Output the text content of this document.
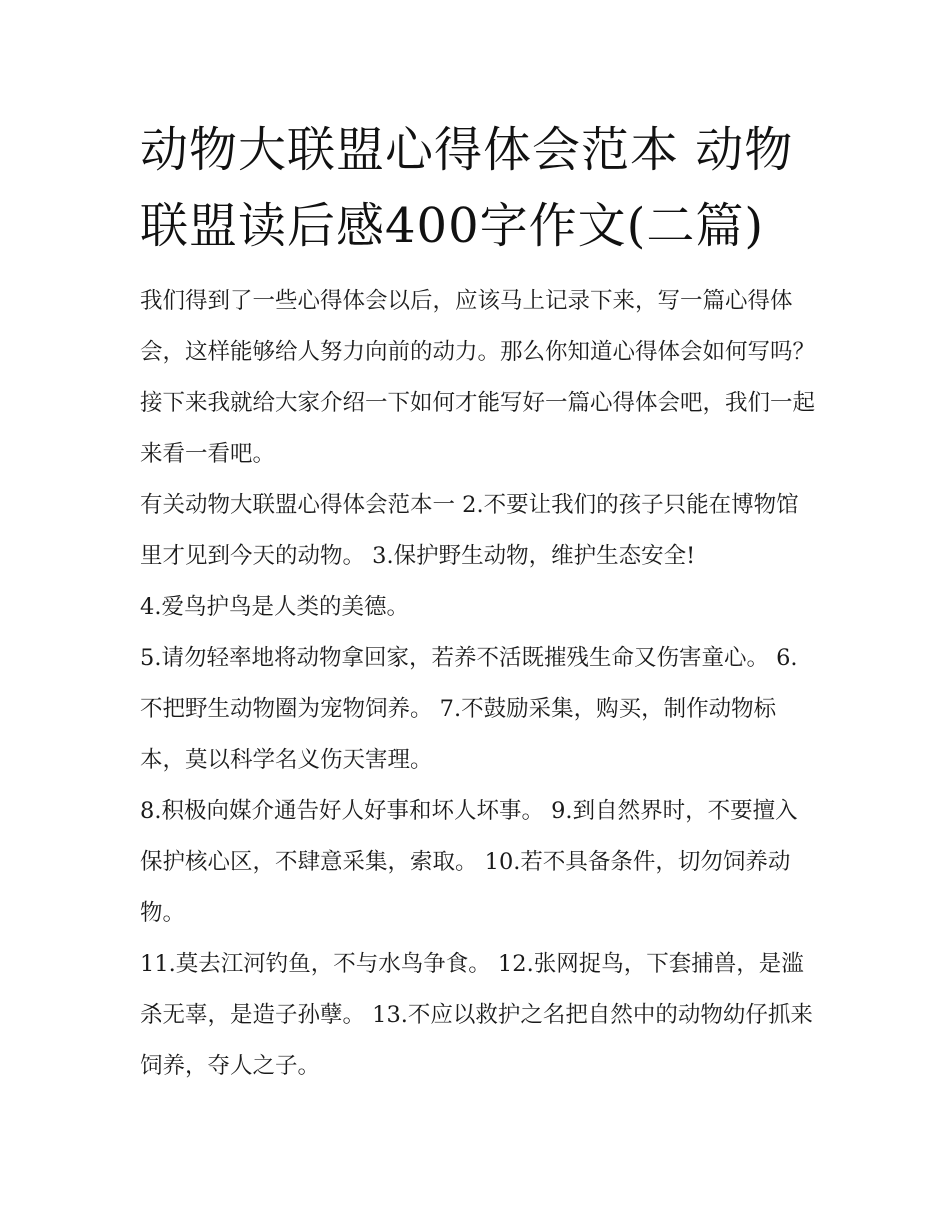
动物大联盟心得体会范本 动物联盟读后感400字作文(二篇)

我们得到了一些心得体会以后，应该马上记录下来，写一篇心得体会，这样能够给人努力向前的动力。那么你知道心得体会如何写吗？接下来我就给大家介绍一下如何才能写好一篇心得体会吧，我们一起来看一看吧。

有关动物大联盟心得体会范本一 2.不要让我们的孩子只能在博物馆里才见到今天的动物。 3.保护野生动物，维护生态安全!

4.爱鸟护鸟是人类的美德。

5.请勿轻率地将动物拿回家，若养不活既摧残生命又伤害童心。 6.不把野生动物圈为宠物饲养。 7.不鼓励采集，购买，制作动物标本，莫以科学名义伤天害理。

8.积极向媒介通告好人好事和坏人坏事。 9.到自然界时，不要擅入保护核心区，不肆意采集，索取。 10.若不具备条件，切勿饲养动物。

11.莫去江河钓鱼，不与水鸟争食。 12.张网捉鸟，下套捕兽，是滥杀无辜，是造子孙孽。 13.不应以救护之名把自然中的动物幼仔抓来饲养，夺人之子。
